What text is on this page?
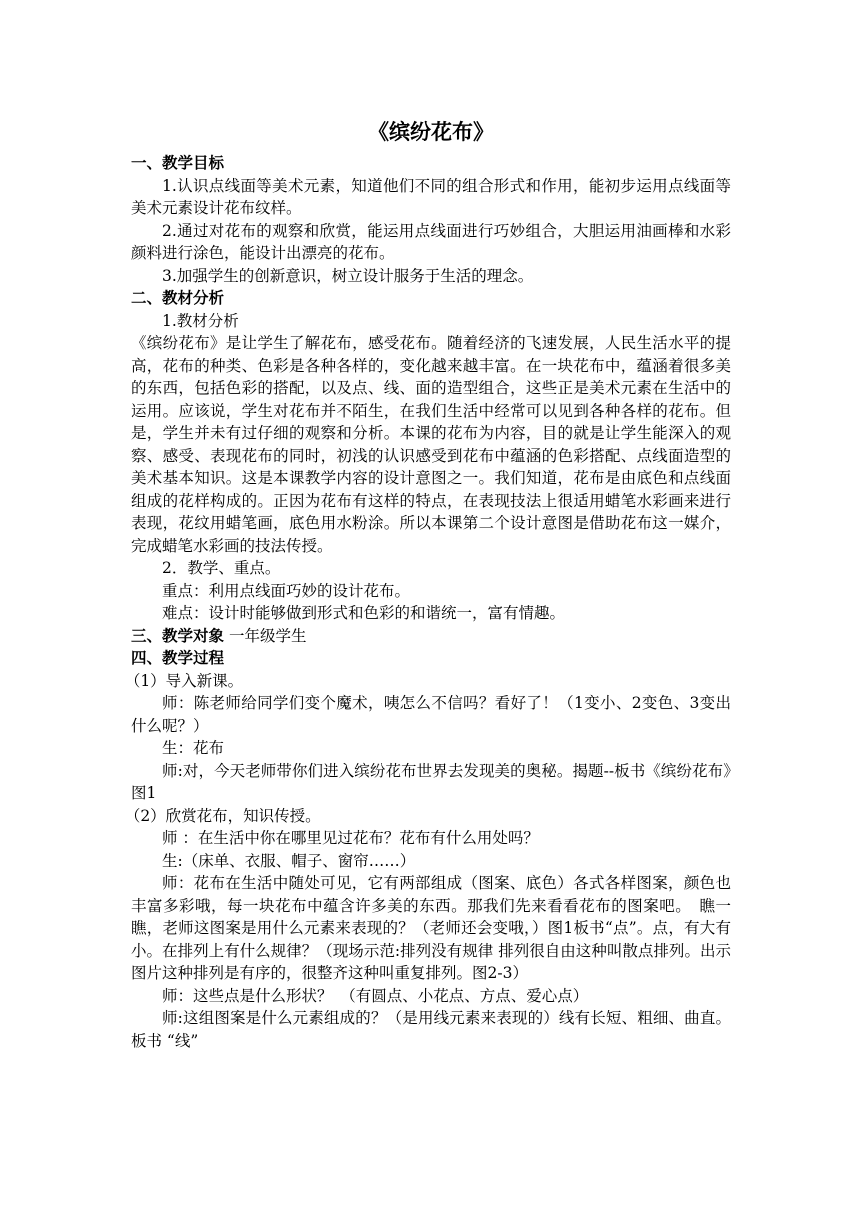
《缤纷花布》
一、教学目标

1.认识点线面等美术元素，知道他们不同的组合形式和作用，能初步运用点线面等美术元素设计花布纹样。

2.通过对花布的观察和欣赏，能运用点线面进行巧妙组合，大胆运用油画棒和水彩颜料进行涂色，能设计出漂亮的花布。

3.加强学生的创新意识，树立设计服务于生活的理念。

二、教材分析

1.教材分析

《缤纷花布》是让学生了解花布，感受花布。随着经济的飞速发展，人民生活水平的提高，花布的种类、色彩是各种各样的，变化越来越丰富。在一块花布中，蕴涵着很多美的东西，包括色彩的搭配，以及点、线、面的造型组合，这些正是美术元素在生活中的运用。应该说，学生对花布并不陌生，在我们生活中经常可以见到各种各样的花布。但是，学生并未有过仔细的观察和分析。本课的花布为内容，目的就是让学生能深入的观察、感受、表现花布的同时，初浅的认识感受到花布中蕴涵的色彩搭配、点线面造型的美术基本知识。这是本课教学内容的设计意图之一。我们知道，花布是由底色和点线面组成的花样构成的。正因为花布有这样的特点，在表现技法上很适用蜡笔水彩画来进行表现，花纹用蜡笔画，底色用水粉涂。所以本课第二个设计意图是借助花布这一媒介，完成蜡笔水彩画的技法传授。

2．教学、重点。

重点：利用点线面巧妙的设计花布。

难点：设计时能够做到形式和色彩的和谐统一，富有情趣。

三、教学对象 一年级学生
四、教学过程

（1）导入新课。

师：陈老师给同学们变个魔术，咦怎么不信吗？看好了！（1变小、2变色、3变出什么呢？）

生：花布

师:对，今天老师带你们进入缤纷花布世界去发现美的奥秘。揭题--板书《缤纷花布》图1

（2）欣赏花布，知识传授。

师 ：在生活中你在哪里见过花布？花布有什么用处吗？

生:（床单、衣服、帽子、窗帘……）

师：花布在生活中随处可见，它有两部组成（图案、底色）各式各样图案，颜色也丰富多彩哦，每一块花布中蕴含许多美的东西。那我们先来看看花布的图案吧。　瞧一瞧，老师这图案是用什么元素来表现的？（老师还会变哦，）图1板书“点”。点，有大有小。在排列上有什么规律？（现场示范:排列没有规律 排列很自由这种叫散点排列。出示图片这种排列是有序的，很整齐这种叫重复排列。图2-3）

师：这些点是什么形状？　（有圆点、小花点、方点、爱心点）

师:这组图案是什么元素组成的？（是用线元素来表现的）线有长短、粗细、曲直。板书 “线”
